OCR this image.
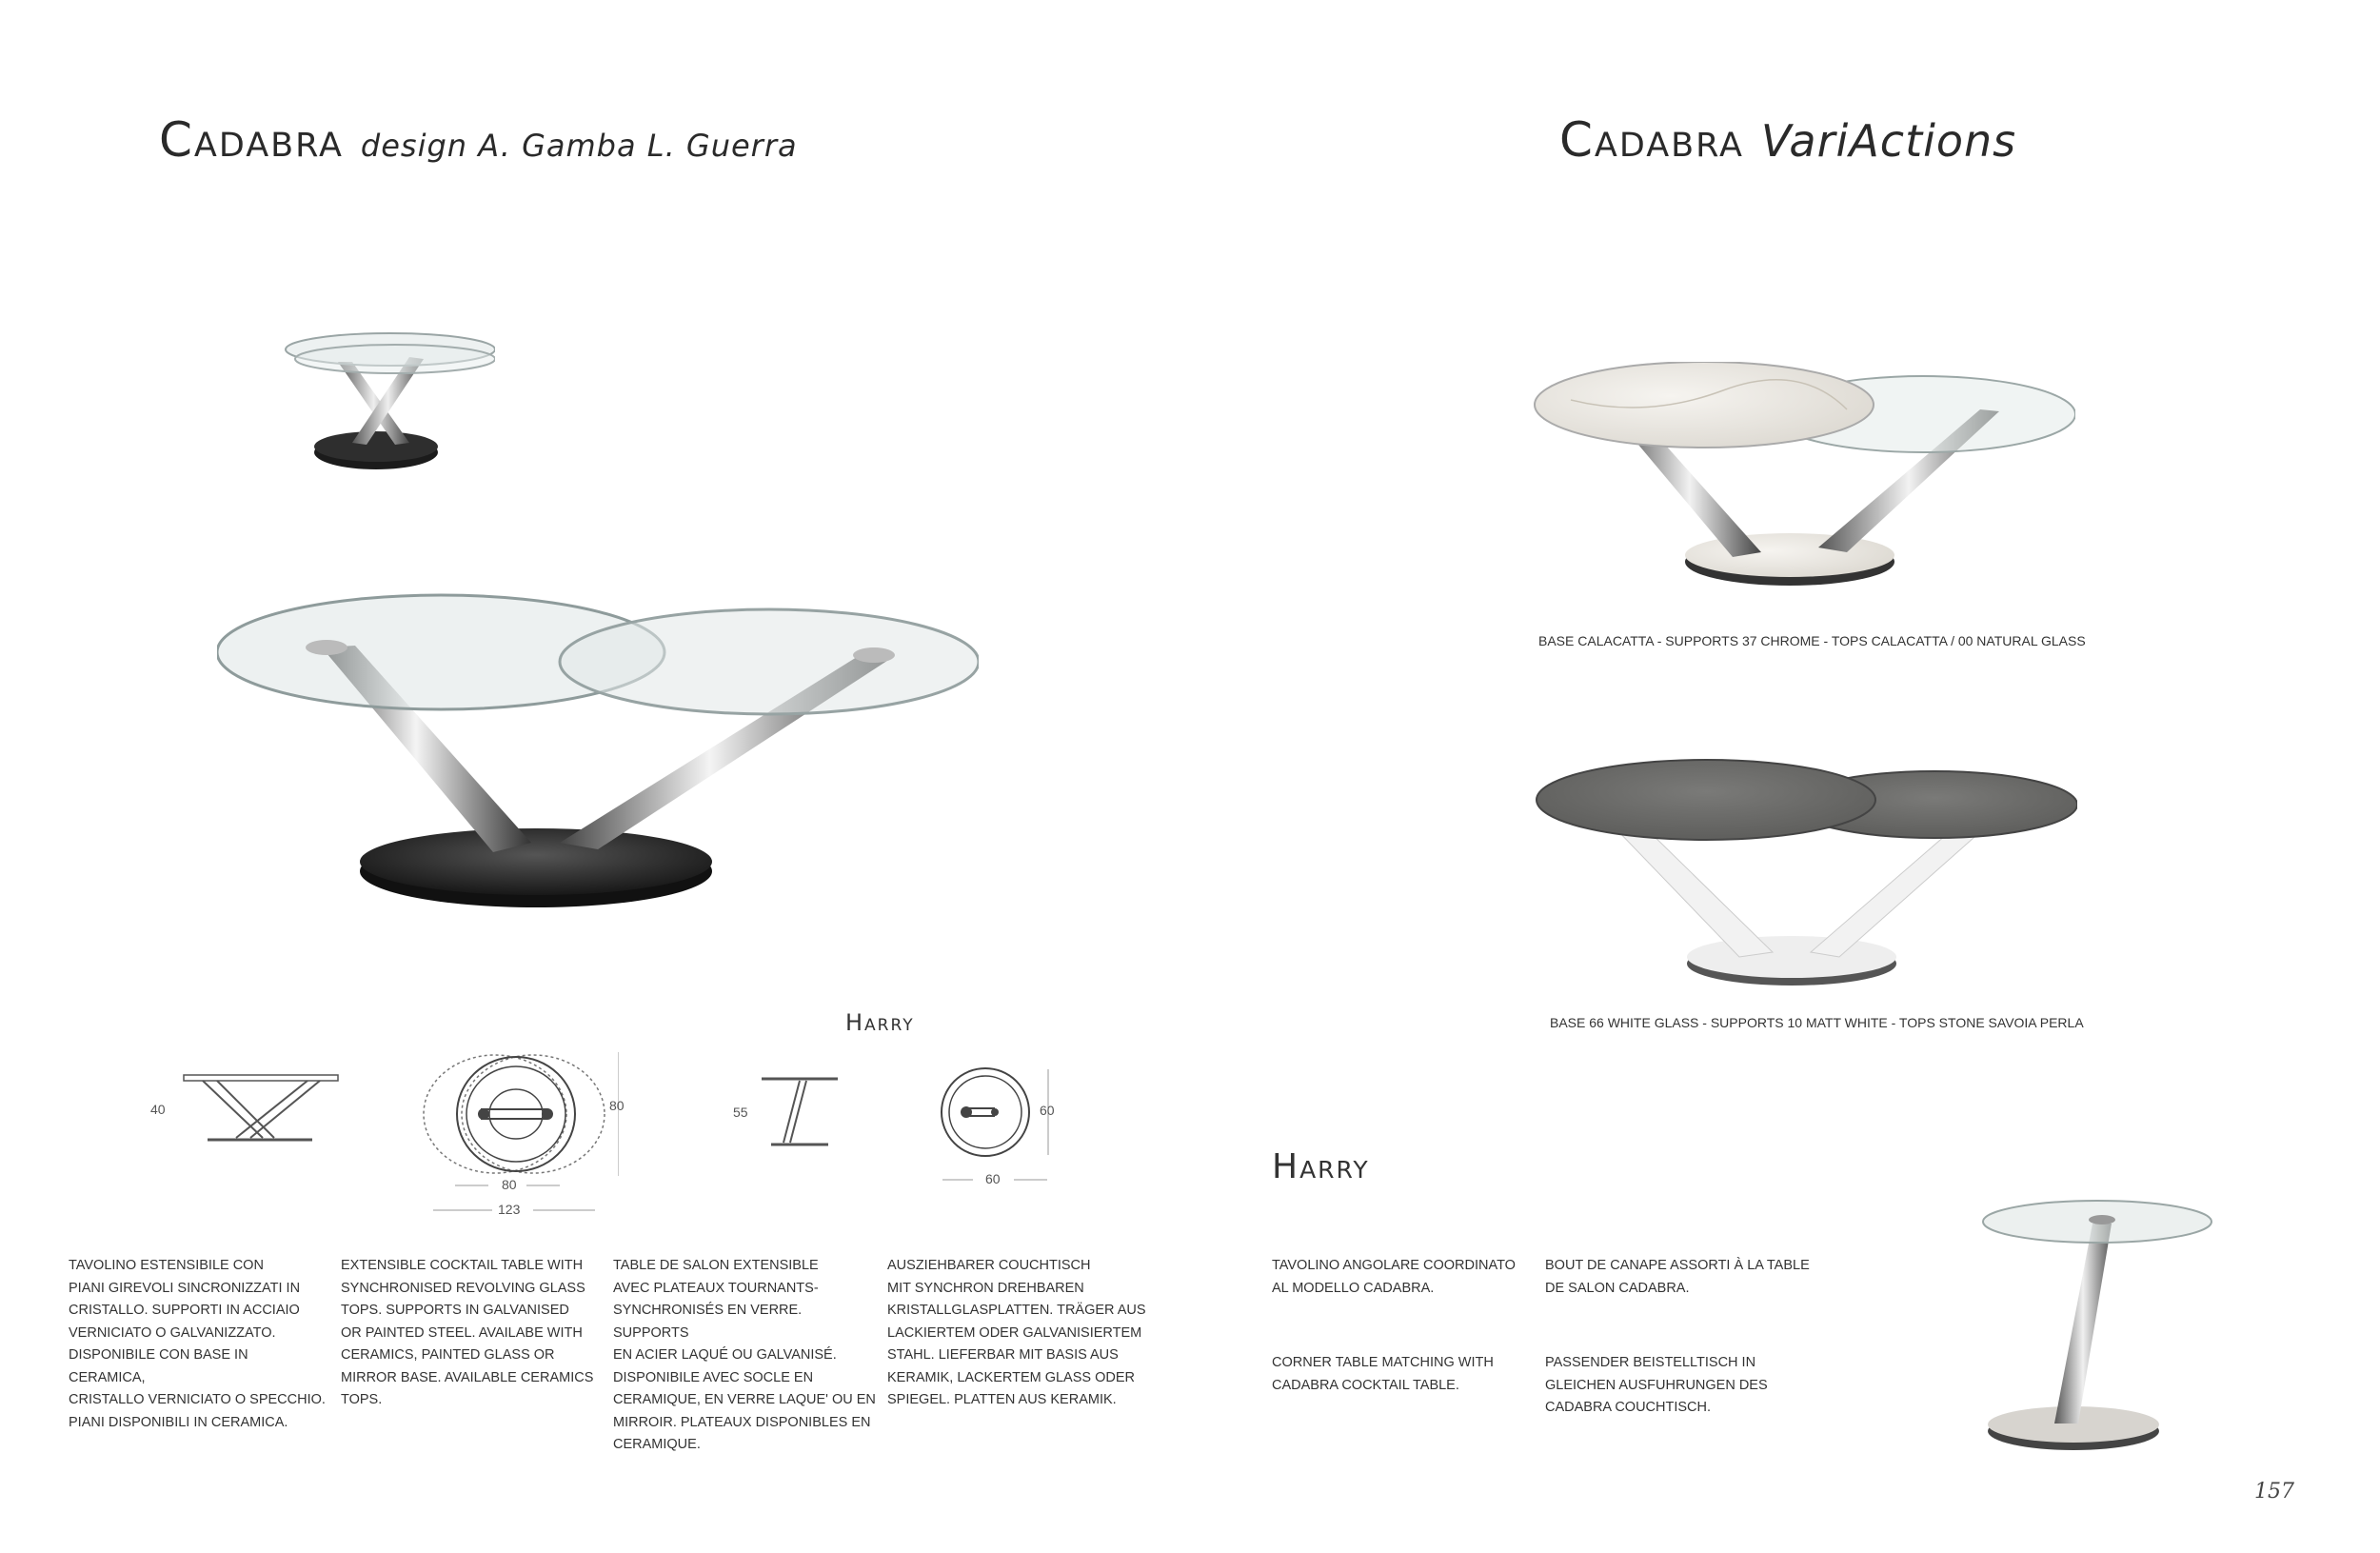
Cadabra design A. Gamba L. Guerra
Harry
40	80
80
123
55	60
60
TAVOLINO ESTENSIBILE CON
PIANI GIREVOLI SINCRONIZZATI IN
CRISTALLO. SUPPORTI IN ACCIAIO
VERNICIATO O GALVANIZZATO.
DISPONIBILE CON BASE IN CERAMICA,
CRISTALLO VERNICIATO O SPECCHIO.
PIANI DISPONIBILI IN CERAMICA.
EXTENSIBLE COCKTAIL TABLE WITH
SYNCHRONISED REVOLVING GLASS
TOPS. SUPPORTS IN GALVANISED
OR PAINTED STEEL. AVAILABE WITH
CERAMICS, PAINTED GLASS OR
MIRROR BASE. AVAILABLE CERAMICS
TOPS.
TABLE DE SALON EXTENSIBLE
AVEC PLATEAUX TOURNANTS-
SYNCHRONISÉS EN VERRE. SUPPORTS
EN ACIER LAQUÉ OU GALVANISÉ.
DISPONIBILE AVEC SOCLE EN
CERAMIQUE, EN VERRE LAQUE' OU EN
MIRROIR. PLATEAUX DISPONIBLES EN
CERAMIQUE.
AUSZIEHBARER COUCHTISCH
MIT SYNCHRON DREHBAREN
KRISTALLGLASPLATTEN. TRÄGER AUS
LACKIERTEM ODER GALVANISIERTEM
STAHL. LIEFERBAR MIT BASIS AUS
KERAMIK, LACKERTEM GLASS ODER
SPIEGEL. PLATTEN AUS KERAMIK.
Cadabra VariActions
BASE CALACATTA - SUPPORTS 37 CHROME - TOPS CALACATTA / 00 NATURAL GLASS
BASE 66 WHITE GLASS - SUPPORTS 10 MATT WHITE - TOPS STONE SAVOIA PERLA
Harry
TAVOLINO ANGOLARE COORDINATO
AL MODELLO CADABRA.
BOUT DE CANAPE ASSORTI À LA TABLE
DE SALON CADABRA.
CORNER TABLE MATCHING WITH
CADABRA COCKTAIL TABLE.
PASSENDER BEISTELLTISCH IN
GLEICHEN AUSFUHRUNGEN DES
CADABRA COUCHTISCH.
157
